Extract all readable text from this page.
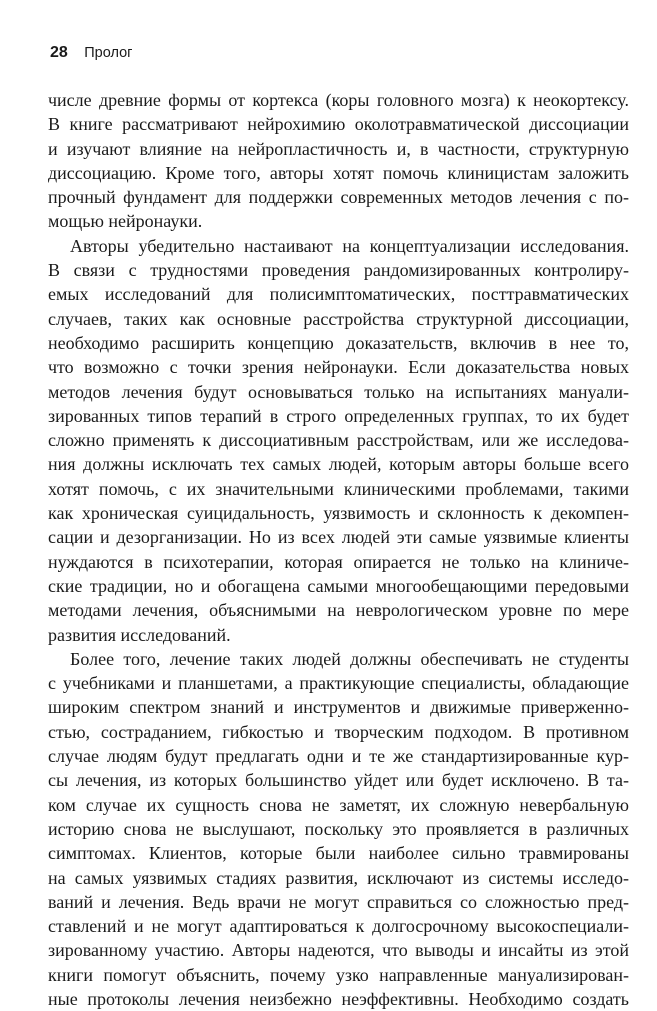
28 Пролог
числе древние формы от кортекса (коры головного мозга) к неокортексу.
В книге рассматривают нейрохимию околотравматической диссоциации
и изучают влияние на нейропластичность и, в частности, структурную
диссоциацию. Кроме того, авторы хотят помочь клиницистам заложить
прочный фундамент для поддержки современных методов лечения с по-
мощью нейронауки.
Авторы убедительно настаивают на концептуализации исследования.
В связи с трудностями проведения рандомизированных контролиру-
емых исследований для полисимптоматических, посттравматических
случаев, таких как основные расстройства структурной диссоциации,
необходимо расширить концепцию доказательств, включив в нее то,
что возможно с точки зрения нейронауки. Если доказательства новых
методов лечения будут основываться только на испытаниях мануали-
зированных типов терапий в строго определенных группах, то их будет
сложно применять к диссоциативным расстройствам, или же исследова-
ния должны исключать тех самых людей, которым авторы больше всего
хотят помочь, с их значительными клиническими проблемами, такими
как хроническая суицидальность, уязвимость и склонность к декомпен-
сации и дезорганизации. Но из всех людей эти самые уязвимые клиенты
нуждаются в психотерапии, которая опирается не только на клиниче-
ские традиции, но и обогащена самыми многообещающими передовыми
методами лечения, объяснимыми на неврологическом уровне по мере
развития исследований.
Более того, лечение таких людей должны обеспечивать не студенты
с учебниками и планшетами, а практикующие специалисты, обладающие
широким спектром знаний и инструментов и движимые приверженно-
стью, состраданием, гибкостью и творческим подходом. В противном
случае людям будут предлагать одни и те же стандартизированные кур-
сы лечения, из которых большинство уйдет или будет исключено. В та-
ком случае их сущность снова не заметят, их сложную невербальную
историю снова не выслушают, поскольку это проявляется в различных
симптомах. Клиентов, которые были наиболее сильно травмированы
на самых уязвимых стадиях развития, исключают из системы исследо-
ваний и лечения. Ведь врачи не могут справиться со сложностью пред-
ставлений и не могут адаптироваться к долгосрочному высокоспециали-
зированному участию. Авторы надеются, что выводы и инсайты из этой
книги помогут объяснить, почему узко направленные мануализирован-
ные протоколы лечения неизбежно неэффективны. Необходимо создать
